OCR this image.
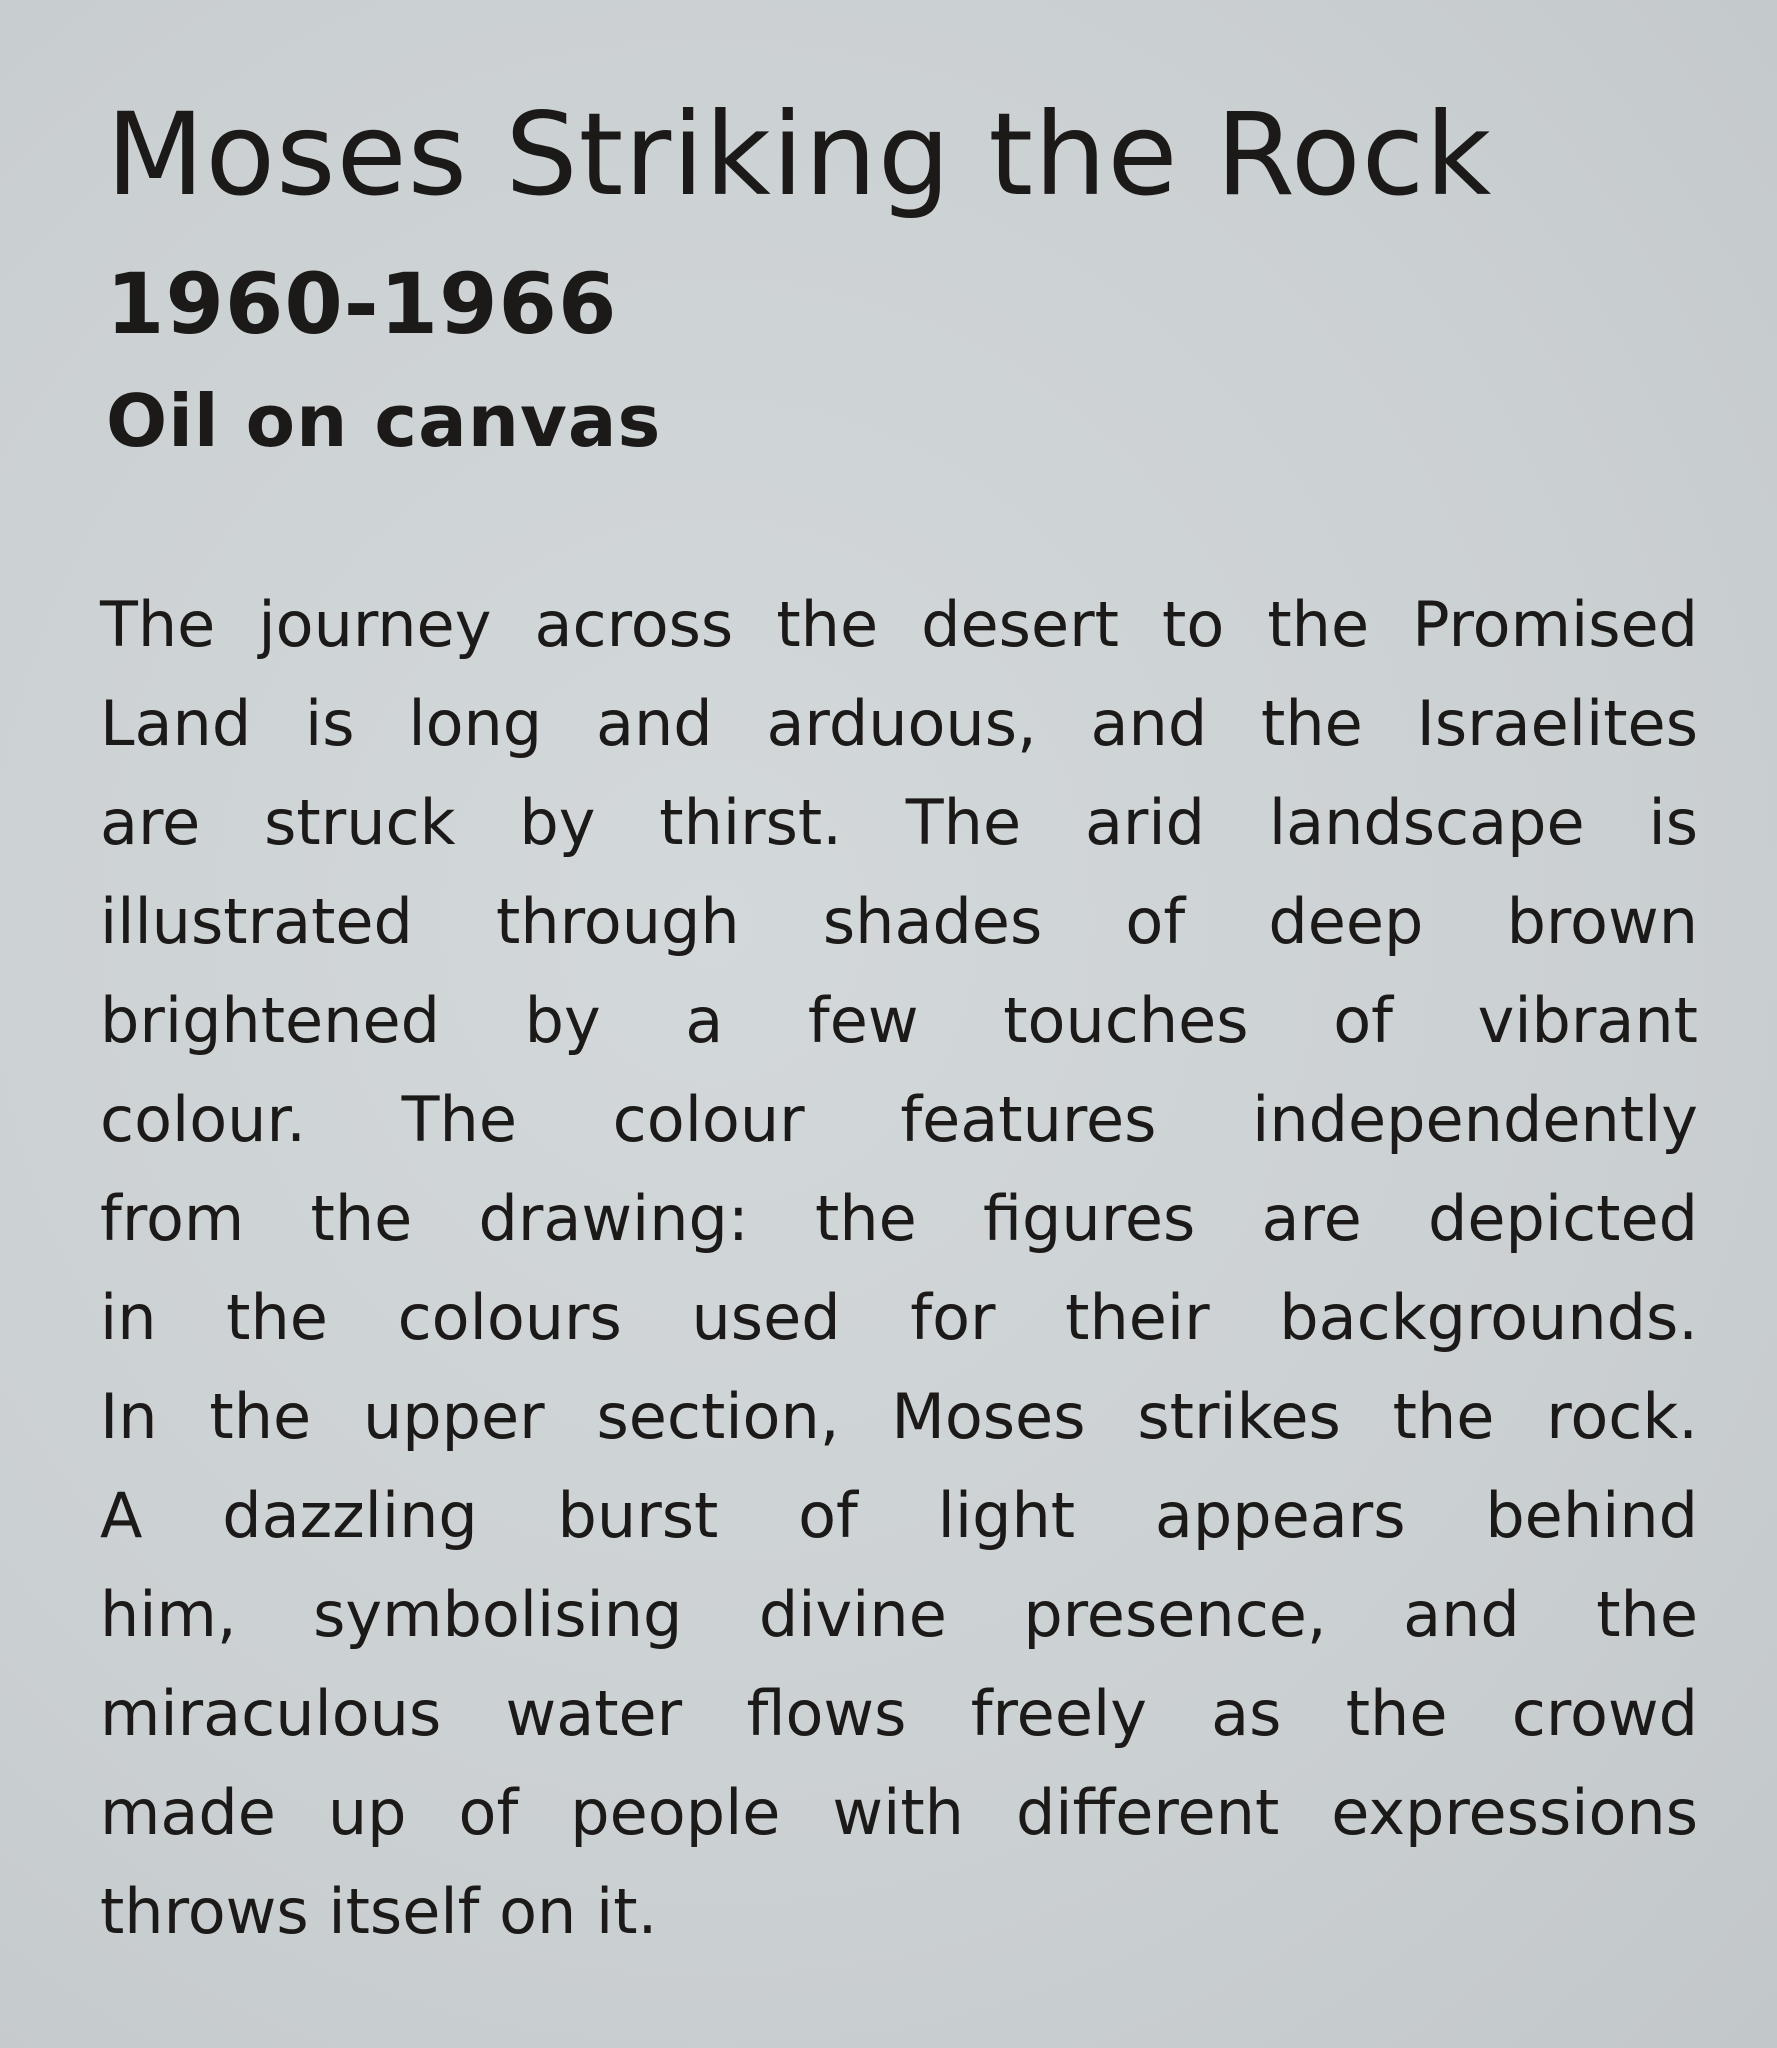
Moses Striking the Rock
1960-1966
Oil on canvas
The journey across the desert to the Promised
Land is long and arduous, and the Israelites
are struck by thirst. The arid landscape is
illustrated through shades of deep brown
brightened by a few touches of vibrant
colour. The colour features independently
from the drawing: the figures are depicted
in the colours used for their backgrounds.
In the upper section, Moses strikes the rock.
A dazzling burst of light appears behind
him, symbolising divine presence, and the
miraculous water flows freely as the crowd
made up of people with different expressions
throws itself on it.
